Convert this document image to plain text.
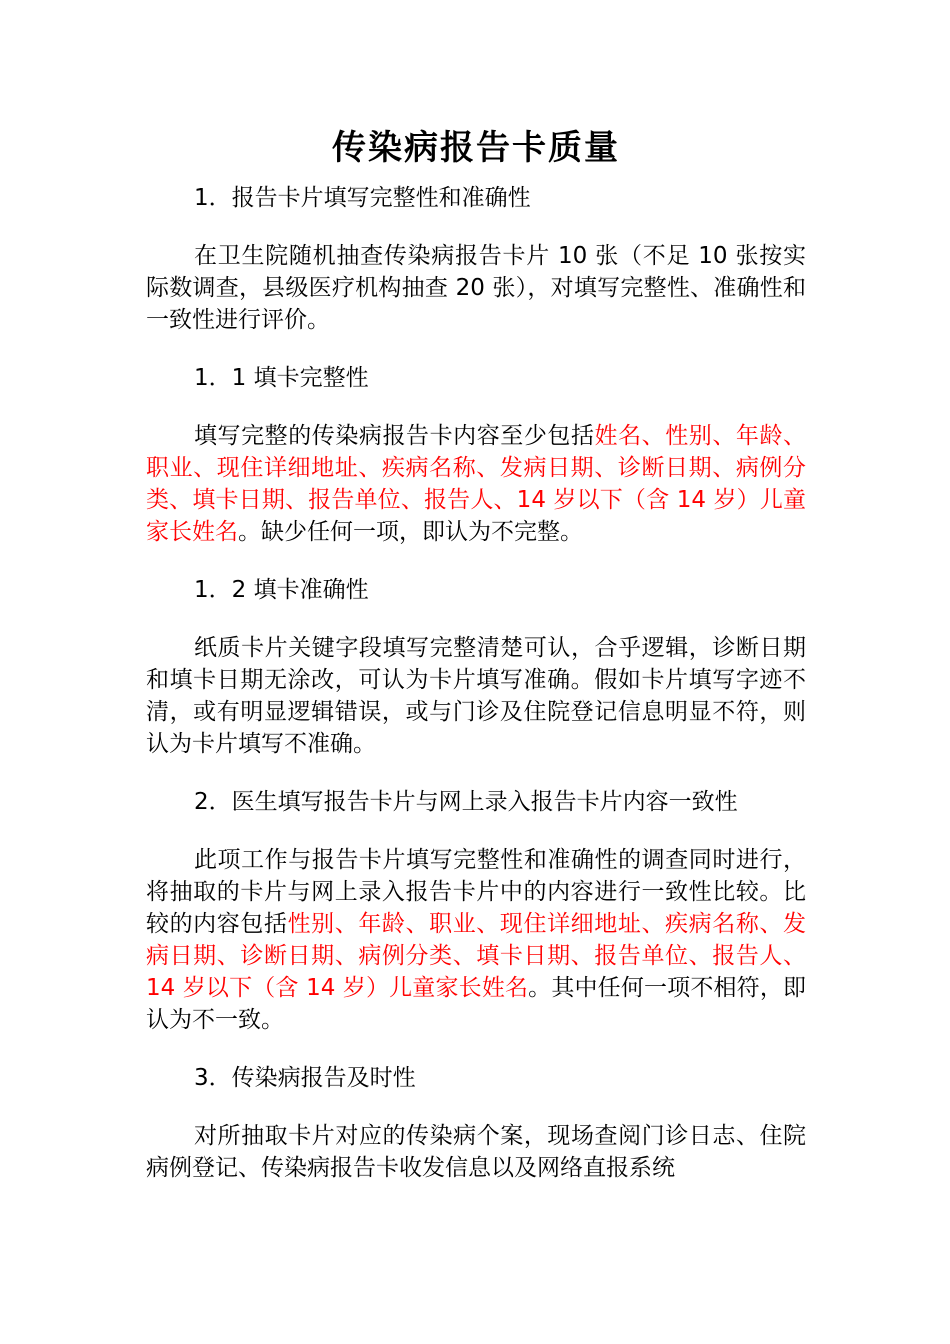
传染病报告卡质量

1．报告卡片填写完整性和准确性

在卫生院随机抽查传染病报告卡片 10 张（不足 10 张按实际数调查，县级医疗机构抽查 20 张），对填写完整性、准确性和一致性进行评价。

1．1 填卡完整性

填写完整的传染病报告卡内容至少包括姓名、性别、年龄、职业、现住详细地址、疾病名称、发病日期、诊断日期、病例分类、填卡日期、报告单位、报告人、14 岁以下（含 14 岁）儿童家长姓名。缺少任何一项，即认为不完整。

1．2 填卡准确性

纸质卡片关键字段填写完整清楚可认，合乎逻辑，诊断日期和填卡日期无涂改，可认为卡片填写准确。假如卡片填写字迹不清，或有明显逻辑错误，或与门诊及住院登记信息明显不符，则认为卡片填写不准确。

2．医生填写报告卡片与网上录入报告卡片内容一致性

此项工作与报告卡片填写完整性和准确性的调查同时进行，将抽取的卡片与网上录入报告卡片中的内容进行一致性比较。比较的内容包括性别、年龄、职业、现住详细地址、疾病名称、发病日期、诊断日期、病例分类、填卡日期、报告单位、报告人、14 岁以下（含 14 岁）儿童家长姓名。其中任何一项不相符，即认为不一致。

3．传染病报告及时性

对所抽取卡片对应的传染病个案，现场查阅门诊日志、住院病例登记、传染病报告卡收发信息以及网络直报系统
